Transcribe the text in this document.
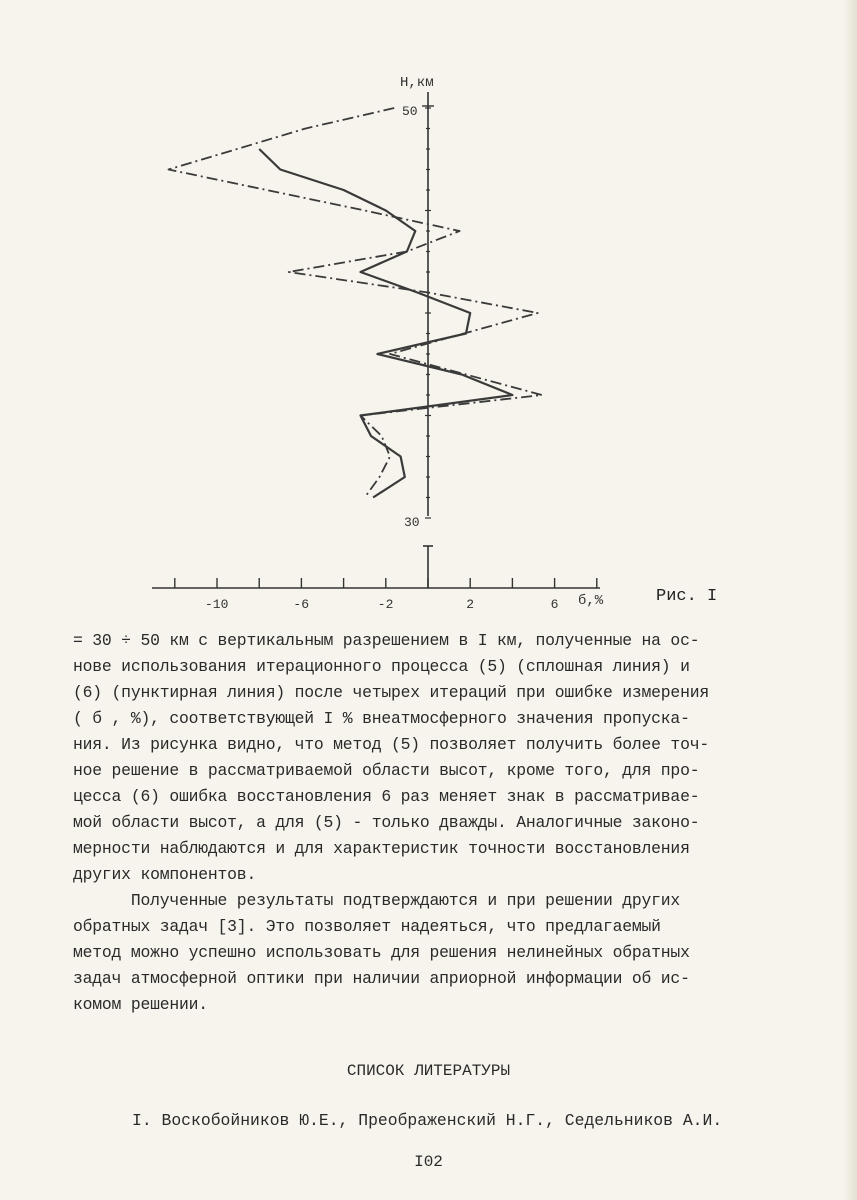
-10	-6	-2	2	6
H,км
50
30
б,%	Рис. I

= 30 ÷ 50 км с вертикальным разрешением в I км, полученные на ос-

нове использования итерационного процесса (5) (сплошная линия) и

(6) (пунктирная линия) после четырех итераций при ошибке измерения

( б , %), соответствующей I % внеатмосферного значения пропуска-

ния. Из рисунка видно, что метод (5) позволяет получить более точ-

ное решение в рассматриваемой области высот, кроме того, для про-

цесса (6) ошибка восстановления 6 раз меняет знак в рассматривае-

мой области высот, а для (5) - только дважды. Аналогичные законо-

мерности наблюдаются и для характеристик точности восстановления

других компонентов.

Полученные результаты подтверждаются и при решении других

обратных задач [3]. Это позволяет надеяться, что предлагаемый

метод можно успешно использовать для решения нелинейных обратных

задач атмосферной оптики при наличии априорной информации об ис-

комом решении.

СПИСОК ЛИТЕРАТУРЫ
I. Воскобойников Ю.Е., Преображенский Н.Г., Седельников А.И.
I02
